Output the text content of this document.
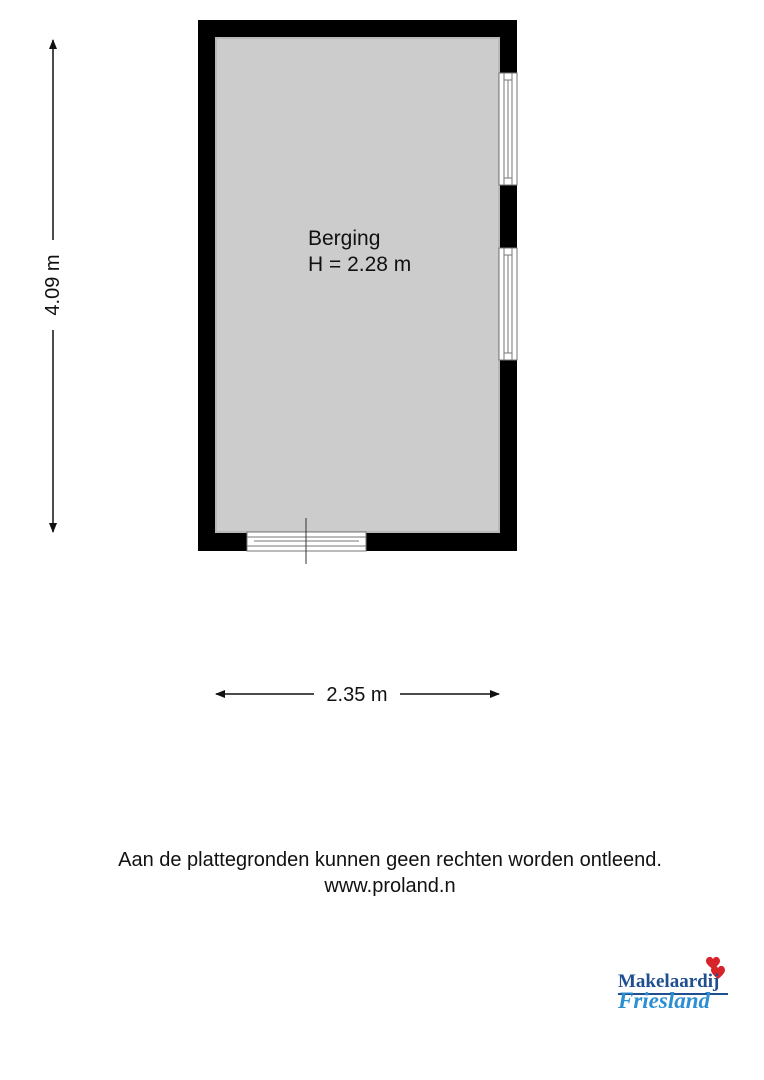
Berging
H = 2.28 m
4.09 m
2.35 m
Aan de plattegronden kunnen geen rechten worden ontleend.
www.proland.n
Makelaardij
Friesland
